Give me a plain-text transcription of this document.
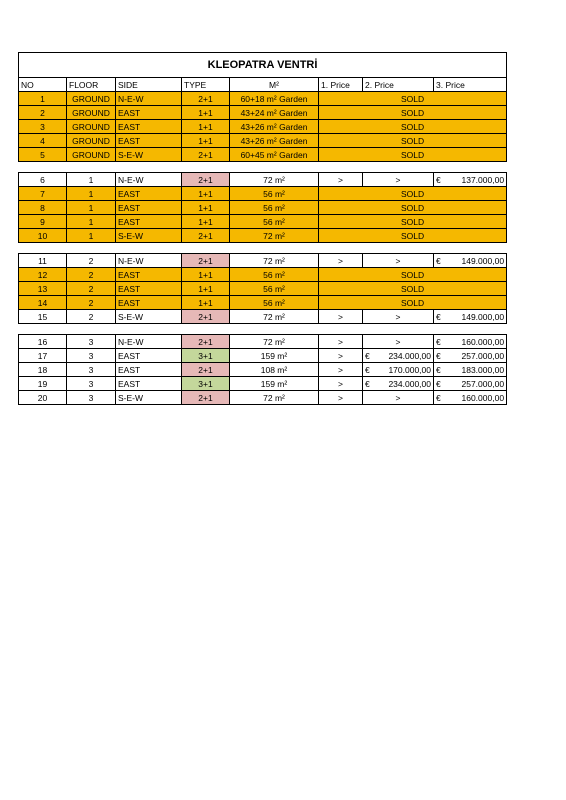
KLEOPATRA VENTRİ							
NO	FLOOR	SIDE	TYPE	M²	1. Price	2. Price	3. Price
1	GROUND	N-E-W	2+1	60+18 m² Garden	SOLD		
2	GROUND	EAST	1+1	43+24 m² Garden	SOLD		
3	GROUND	EAST	1+1	43+26 m² Garden	SOLD		
4	GROUND	EAST	1+1	43+26 m² Garden	SOLD		
5	GROUND	S-E-W	2+1	60+45 m² Garden	SOLD		

6	1	N-E-W	2+1	72 m²	>	>	€ 137.000,00

7	1	EAST	1+1	56 m²	SOLD		
8	1	EAST	1+1	56 m²	SOLD		
9	1	EAST	1+1	56 m²	SOLD		
10	1	S-E-W	2+1	72 m²	SOLD		

11	2	N-E-W	2+1	72 m²	>	>	€ 149.000,00

12	2	EAST	1+1	56 m²	SOLD		
13	2	EAST	1+1	56 m²	SOLD		
14	2	EAST	1+1	56 m²	SOLD		
15	2	S-E-W	2+1	72 m²	>	>	€ 149.000,00

16	3	N-E-W	2+1	72 m²	>	>	€ 160.000,00

17	3	EAST	3+1	159 m²	>	€ 234.000,00	€ 257.000,00

18	3	EAST	2+1	108 m²	>	€ 170.000,00	€ 183.000,00

19	3	EAST	3+1	159 m²	>	€ 234.000,00	€ 257.000,00

20	3	S-E-W	2+1	72 m²	>	>	€ 160.000,00
